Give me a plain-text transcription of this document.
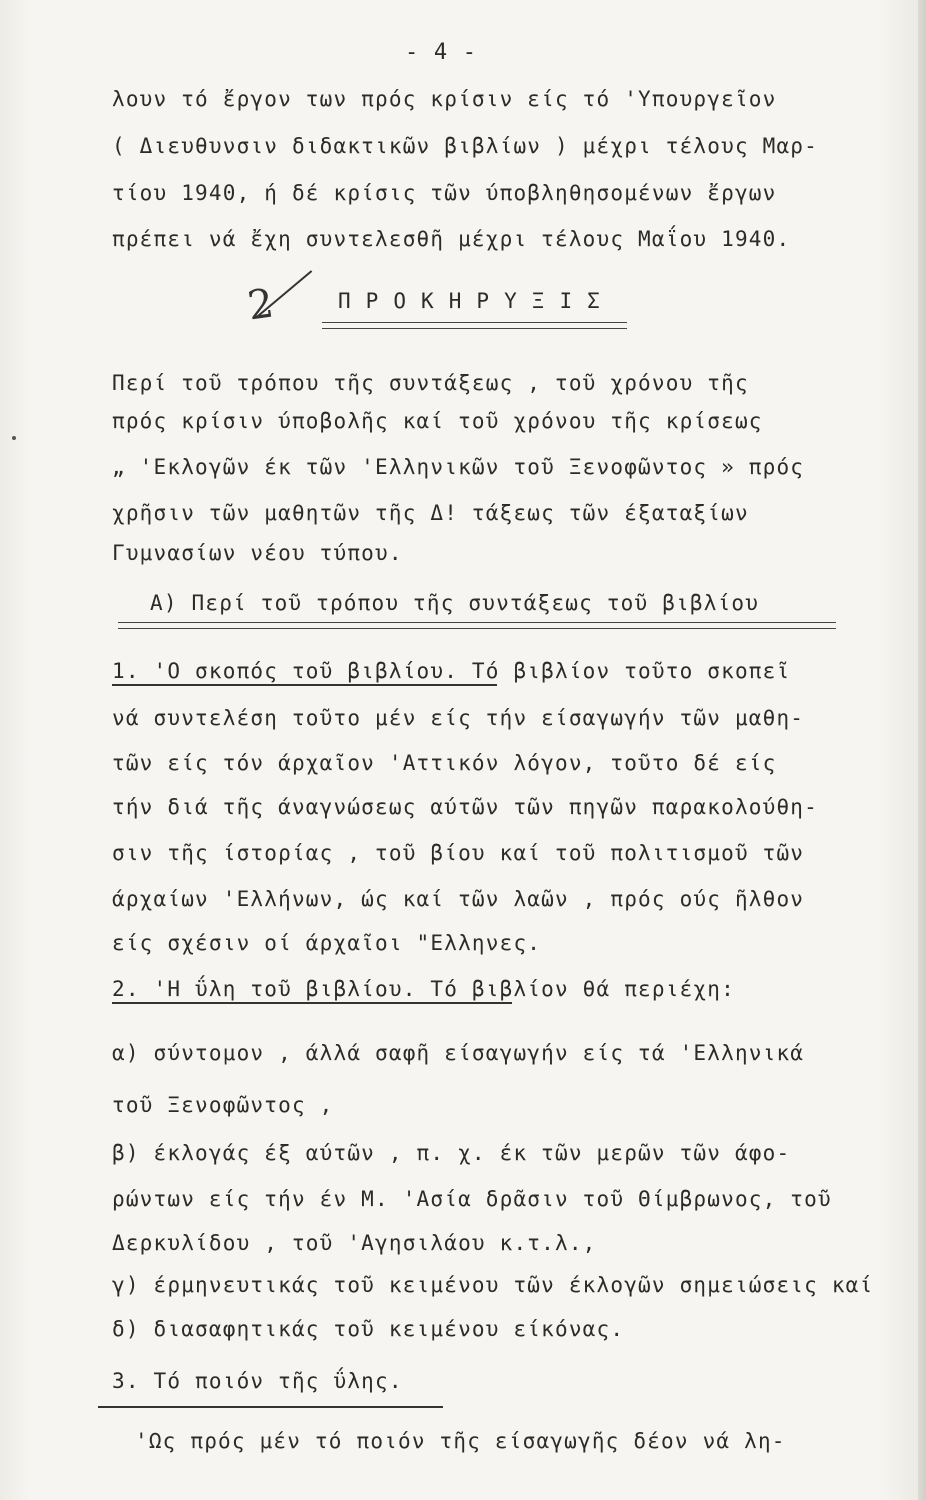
- 4 -
λουν τό ἔργον των πρός κρίσιν είς τό 'Υπουργεῖον
( Διευθυνσιν διδακτικῶν βιβλίων ) μέχρι τέλους Μαρ-
τίου 1940, ή δέ κρίσις τῶν ύποβληθησομένων ἔργων
πρέπει νά ἔχη συντελεσθῆ μέχρι τέλους Μαΐου 1940.
2	Π Ρ Ο Κ Η Ρ Υ Ξ Ι Σ
Περί τοῦ τρόπου τῆς συντάξεως , τοῦ χρόνου τῆς
πρός κρίσιν ύποβολῆς καί τοῦ χρόνου τῆς κρίσεως
„ 'Εκλογῶν έκ τῶν 'Ελληνικῶν τοῦ Ξενοφῶντος » πρός
χρῆσιν τῶν μαθητῶν τῆς Δ! τάξεως τῶν έξαταξίων
Γυμνασίων νέου τύπου.
Α) Περί τοῦ τρόπου τῆς συντάξεως τοῦ βιβλίου
1. 'Ο σκοπός τοῦ βιβλίου. Τό βιβλίον τοῦτο σκοπεῖ
νά συντελέση τοῦτο μέν είς τήν είσαγωγήν τῶν μαθη-
τῶν είς τόν άρχαῖον 'Αττικόν λόγον, τοῦτο δέ είς
τήν διά τῆς άναγνώσεως αύτῶν τῶν πηγῶν παρακολούθη-
σιν τῆς ίστορίας , τοῦ βίου καί τοῦ πολιτισμοῦ τῶν
άρχαίων 'Ελλήνων, ώς καί τῶν λαῶν , πρός ούς ῆλθον
είς σχέσιν οί άρχαῖοι "Ελληνες.
2. 'Η ΰλη τοῦ βιβλίου. Τό βιβλίον θά περιέχη:
α) σύντομον , άλλά σαφῆ είσαγωγήν είς τά 'Ελληνικά
τοῦ Ξενοφῶντος ,
β) έκλογάς έξ αύτῶν , π. χ. έκ τῶν μερῶν τῶν άφο-
ρώντων είς τήν έν Μ. 'Ασία δρᾶσιν τοῦ Θίμβρωνος, τοῦ
Δερκυλίδου , τοῦ 'Αγησιλάου κ.τ.λ.,
γ) έρμηνευτικάς τοῦ κειμένου τῶν έκλογῶν σημειώσεις καί
δ) διασαφητικάς τοῦ κειμένου είκόνας.
3. Τό ποιόν τῆς ΰλης.
'Ως πρός μέν τό ποιόν τῆς είσαγωγῆς δέον νά λη-
